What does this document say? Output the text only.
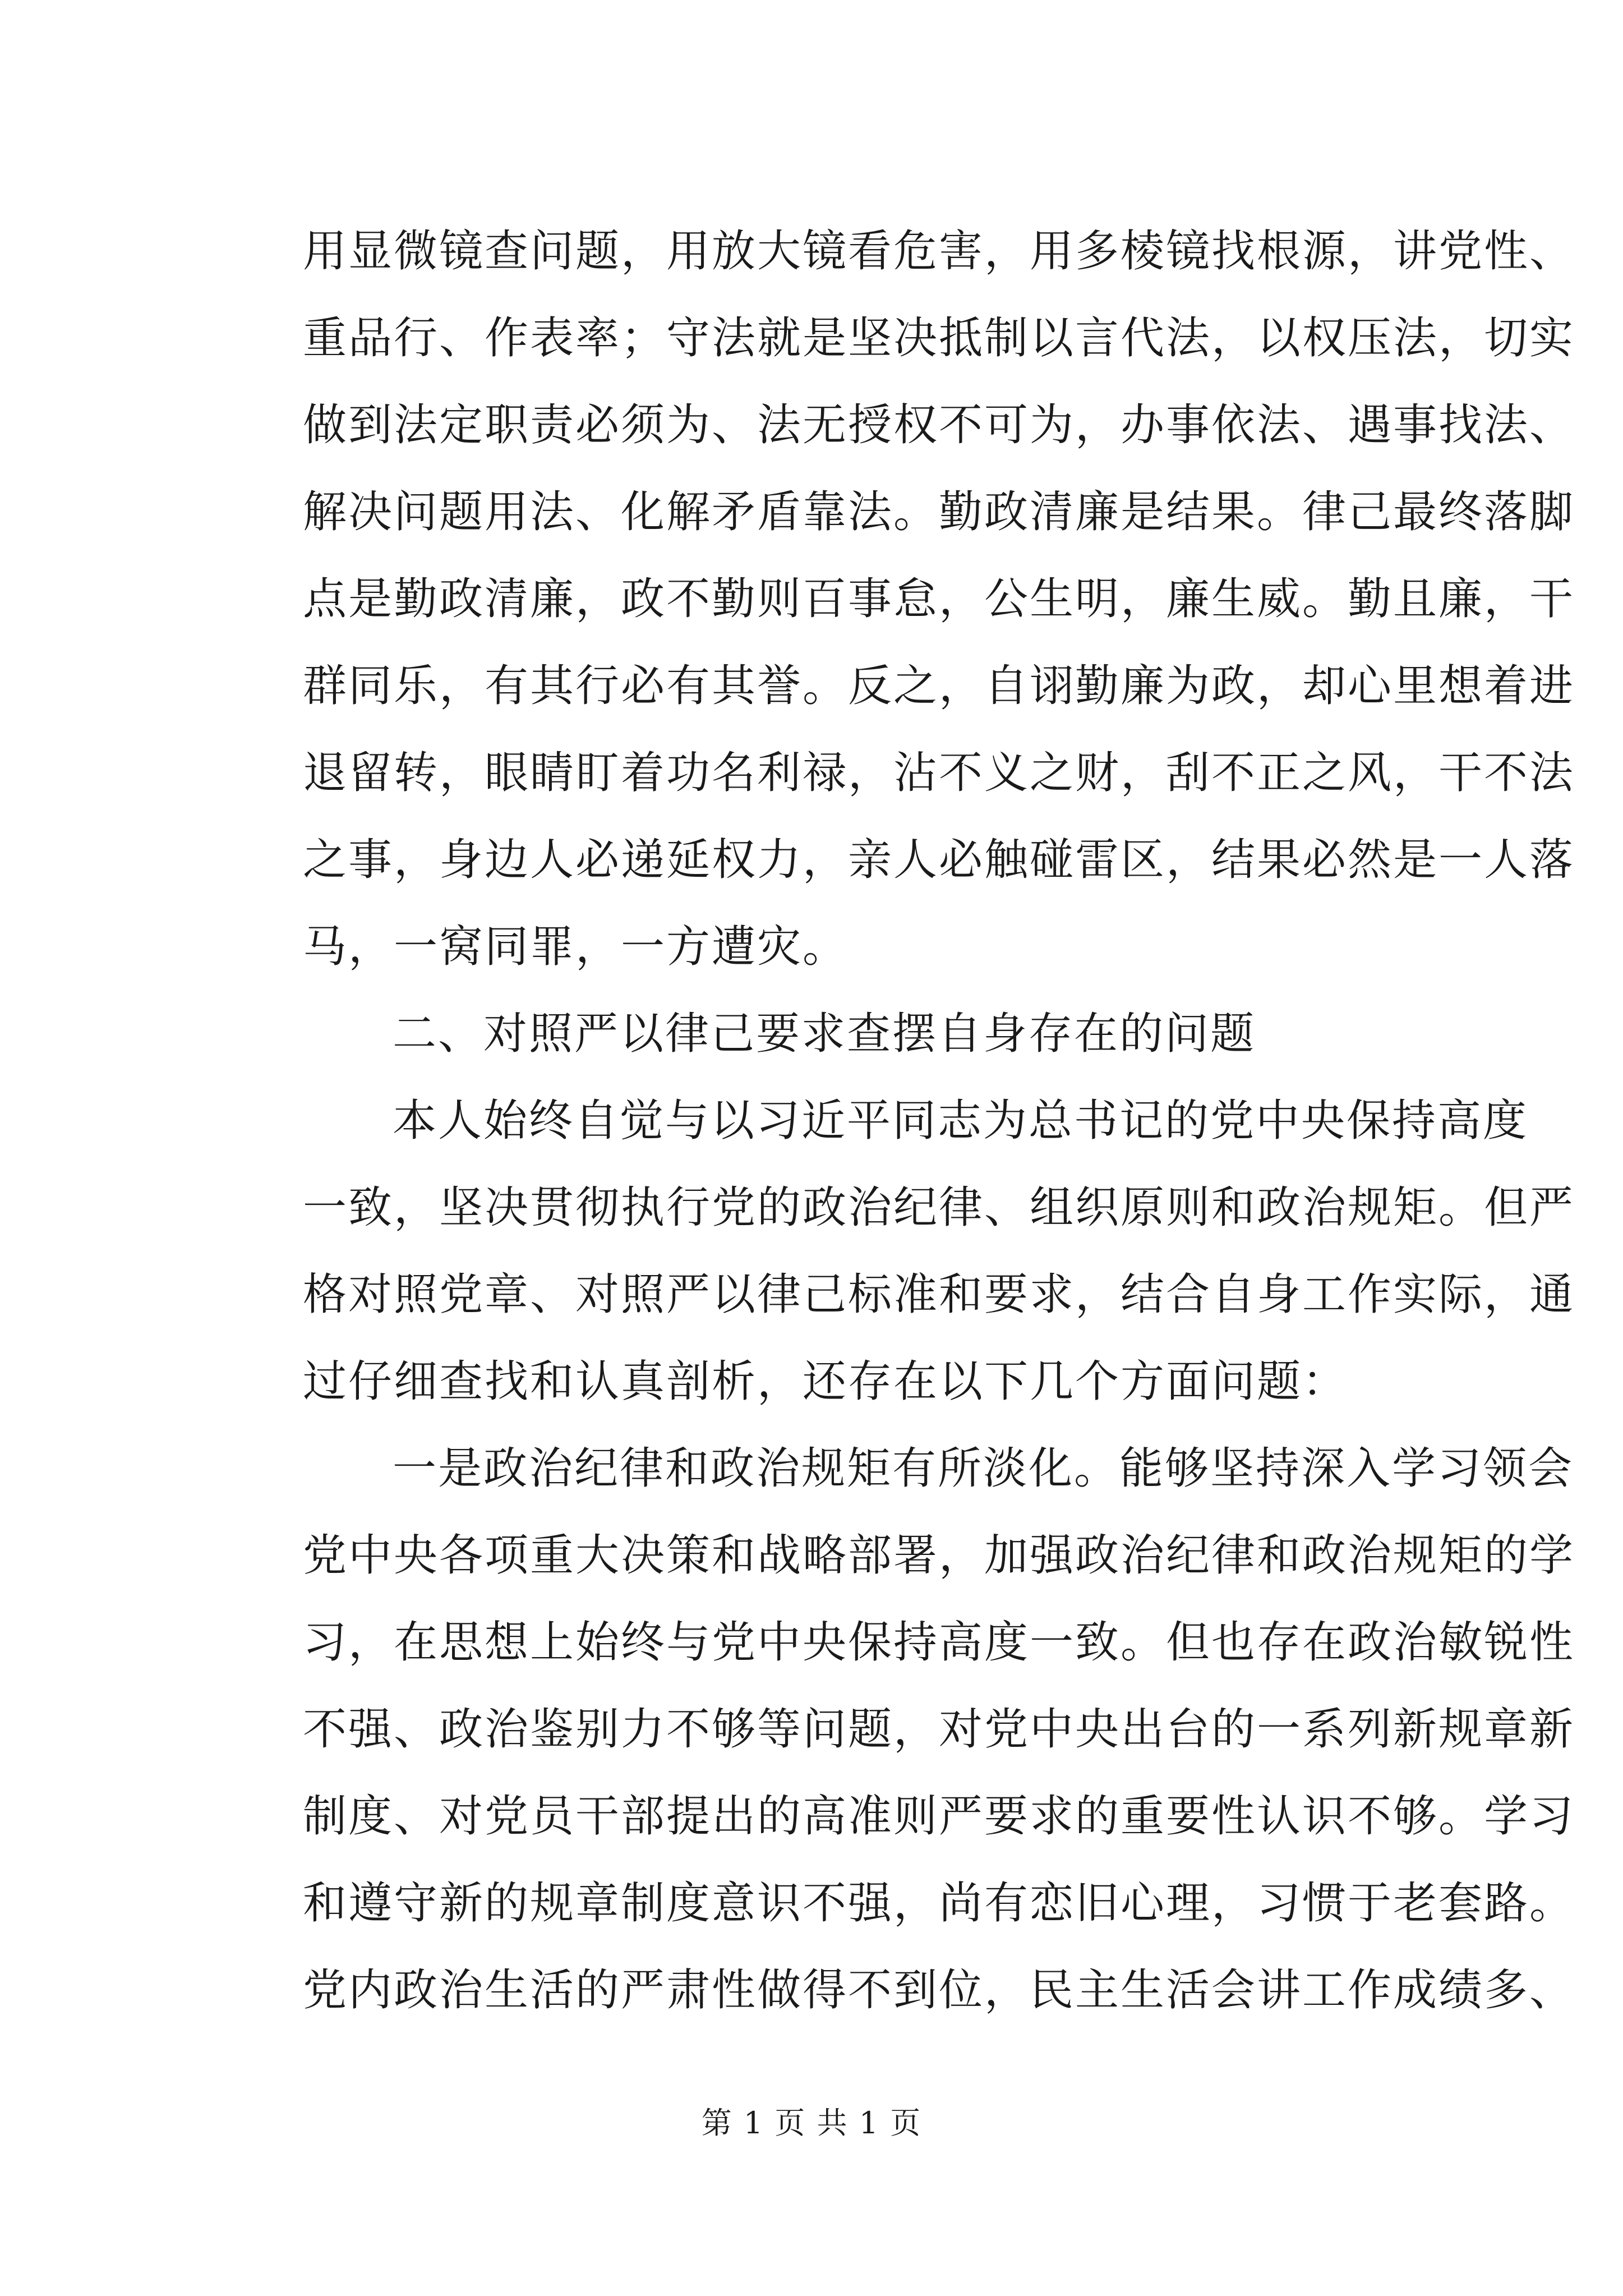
用显微镜查问题，用放大镜看危害，用多棱镜找根源，讲党性、
重品行、作表率；守法就是坚决抵制以言代法，以权压法，切实
做到法定职责必须为、法无授权不可为，办事依法、遇事找法、
解决问题用法、化解矛盾靠法。勤政清廉是结果。律己最终落脚
点是勤政清廉，政不勤则百事怠，公生明，廉生威。勤且廉，干
群同乐，有其行必有其誉。反之，自诩勤廉为政，却心里想着进
退留转，眼睛盯着功名利禄，沾不义之财，刮不正之风，干不法
之事，身边人必递延权力，亲人必触碰雷区，结果必然是一人落
马，一窝同罪，一方遭灾。
二、对照严以律己要求查摆自身存在的问题
本人始终自觉与以习近平同志为总书记的党中央保持高度
一致，坚决贯彻执行党的政治纪律、组织原则和政治规矩。但严
格对照党章、对照严以律己标准和要求，结合自身工作实际，通
过仔细查找和认真剖析，还存在以下几个方面问题：
一是政治纪律和政治规矩有所淡化。能够坚持深入学习领会
党中央各项重大决策和战略部署，加强政治纪律和政治规矩的学
习，在思想上始终与党中央保持高度一致。但也存在政治敏锐性
不强、政治鉴别力不够等问题，对党中央出台的一系列新规章新
制度、对党员干部提出的高准则严要求的重要性认识不够。学习
和遵守新的规章制度意识不强，尚有恋旧心理，习惯于老套路。
党内政治生活的严肃性做得不到位，民主生活会讲工作成绩多、
第 1 页 共 1 页
